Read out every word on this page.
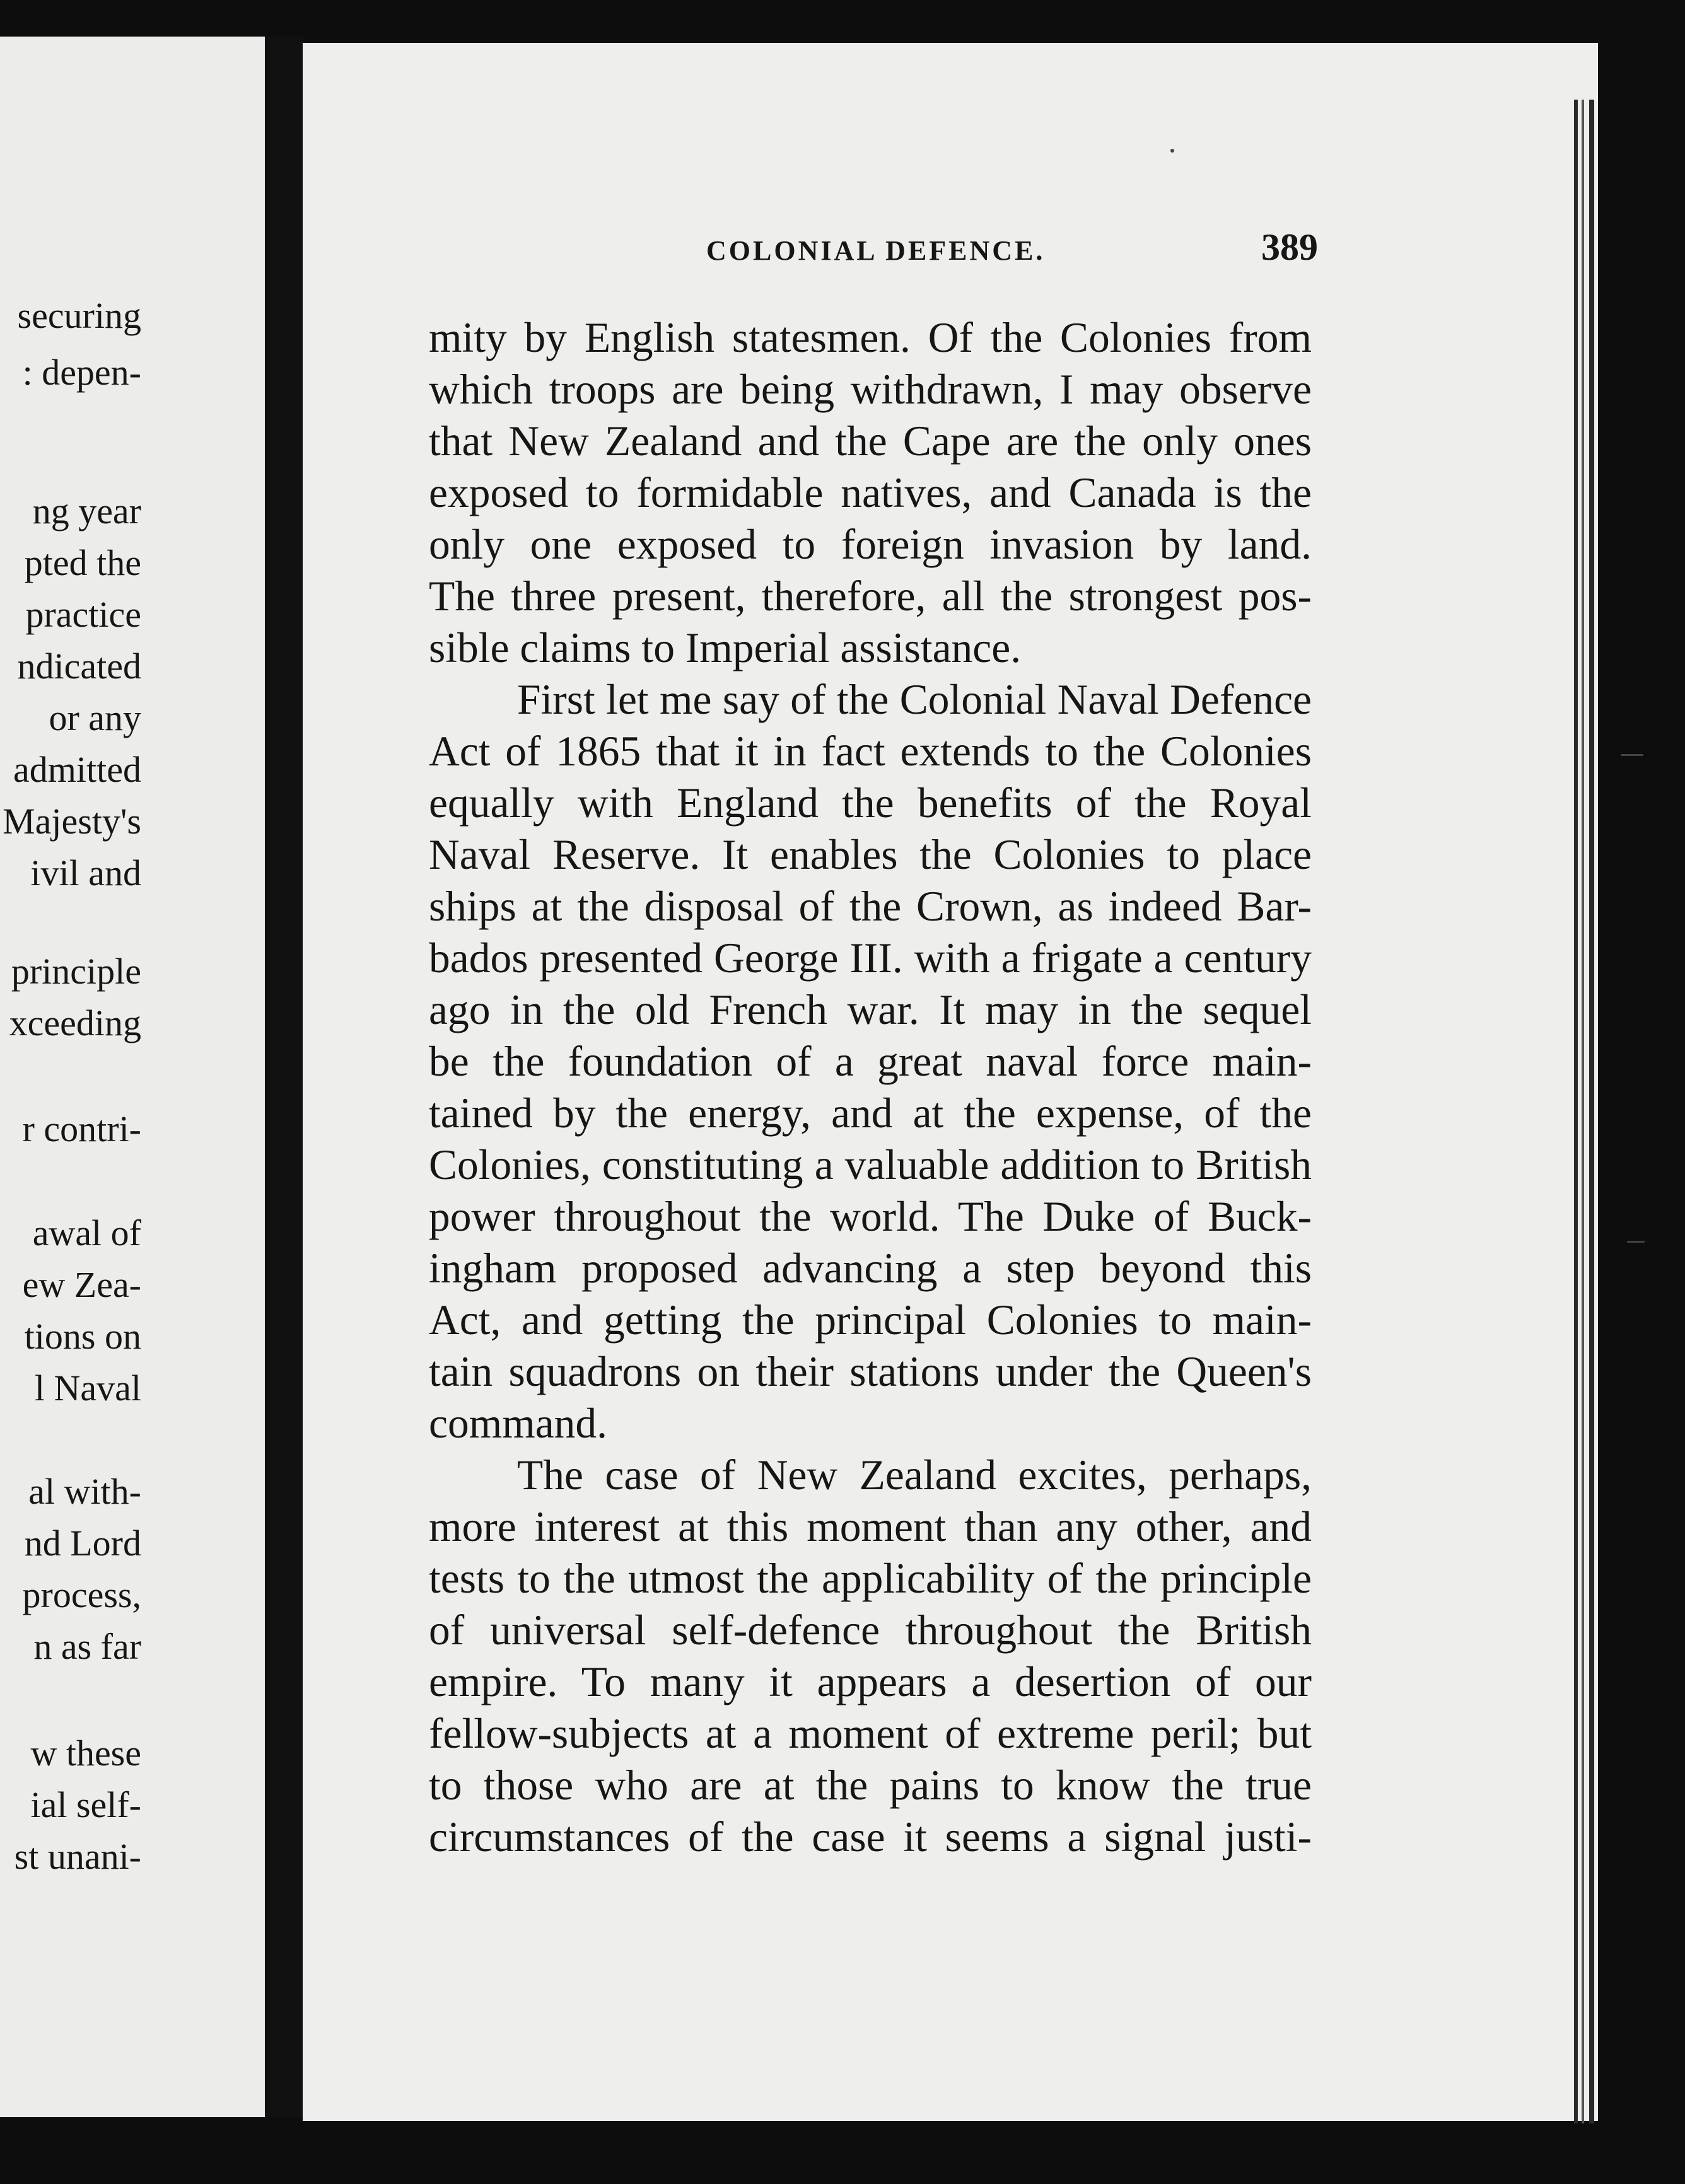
securing
: depen-
ng year
pted the
practice
ndicated
or any
admitted
Majesty's
ivil and
principle
xceeding
r contri-
awal of
ew Zea-
tions on
l Naval
al with-
nd Lord
process,
n as far
w these
ial self-
st unani-
COLONIAL DEFENCE.	389
mity by English statesmen. Of the Colonies from
which troops are being withdrawn, I may observe
that New Zealand and the Cape are the only ones
exposed to formidable natives, and Canada is the
only one exposed to foreign invasion by land.
The three present, therefore, all the strongest pos-
sible claims to Imperial assistance.
First let me say of the Colonial Naval Defence
Act of 1865 that it in fact extends to the Colonies
equally with England the benefits of the Royal
Naval Reserve. It enables the Colonies to place
ships at the disposal of the Crown, as indeed Bar-
bados presented George III. with a frigate a century
ago in the old French war. It may in the sequel
be the foundation of a great naval force main-
tained by the energy, and at the expense, of the
Colonies, constituting a valuable addition to British
power throughout the world. The Duke of Buck-
ingham proposed advancing a step beyond this
Act, and getting the principal Colonies to main-
tain squadrons on their stations under the Queen's
command.
The case of New Zealand excites, perhaps,
more interest at this moment than any other, and
tests to the utmost the applicability of the principle
of universal self-defence throughout the British
empire. To many it appears a desertion of our
fellow-subjects at a moment of extreme peril; but
to those who are at the pains to know the true
circumstances of the case it seems a signal justi-
